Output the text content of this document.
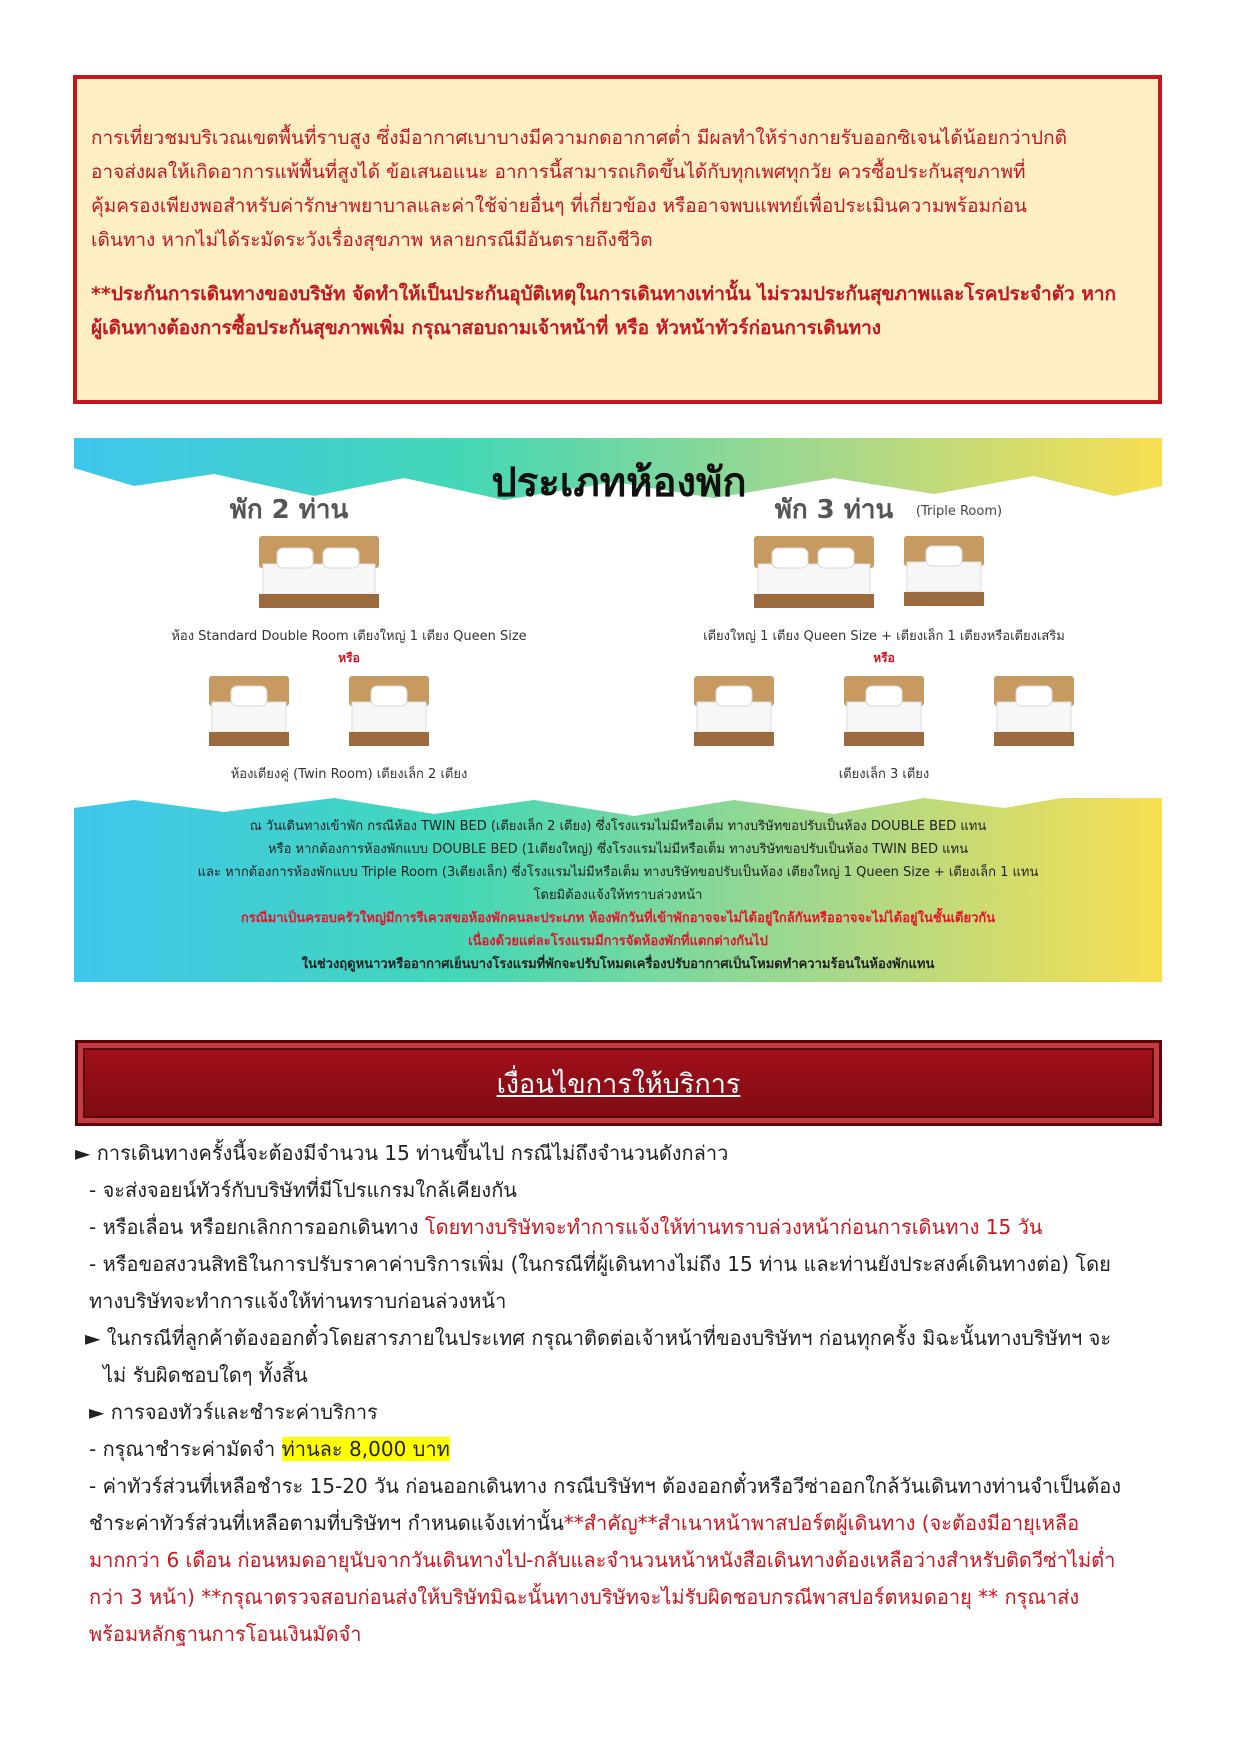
การเที่ยวชมบริเวณเขตพื้นที่ราบสูง ซึ่งมีอากาศเบาบางมีความกดอากาศต่ำ มีผลทำให้ร่างกายรับออกซิเจนได้น้อยกว่าปกติ

อาจส่งผลให้เกิดอาการแพ้พื้นที่สูงได้ ข้อเสนอแนะ อาการนี้สามารถเกิดขึ้นได้กับทุกเพศทุกวัย ควรซื้อประกันสุขภาพที่

คุ้มครองเพียงพอสำหรับค่ารักษาพยาบาลและค่าใช้จ่ายอื่นๆ ที่เกี่ยวข้อง หรืออาจพบแพทย์เพื่อประเมินความพร้อมก่อน

เดินทาง หากไม่ได้ระมัดระวังเรื่องสุขภาพ หลายกรณีมีอันตรายถึงชีวิต

**ประกันการเดินทางของบริษัท จัดทำให้เป็นประกันอุบัติเหตุในการเดินทางเท่านั้น ไม่รวมประกันสุขภาพและโรคประจำตัว หาก

ผู้เดินทางต้องการซื้อประกันสุขภาพเพิ่ม กรุณาสอบถามเจ้าหน้าที่ หรือ หัวหน้าทัวร์ก่อนการเดินทาง

ประเภทห้องพัก
พัก 2 ท่าน	พัก 3 ท่าน (Triple Room)
ห้อง Standard Double Room เตียงใหญ่ 1 เตียง Queen Size
หรือ
ห้องเตียงคู่ (Twin Room) เตียงเล็ก 2 เตียง
เตียงใหญ่ 1 เตียง Queen Size + เตียงเล็ก 1 เตียงหรือเตียงเสริม
หรือ
เตียงเล็ก 3 เตียง
ณ วันเดินทางเข้าพัก กรณีห้อง TWIN BED (เตียงเล็ก 2 เตียง) ซึ่งโรงแรมไม่มีหรือเต็ม ทางบริษัทขอปรับเป็นห้อง DOUBLE BED แทน
หรือ หากต้องการห้องพักแบบ DOUBLE BED (1เตียงใหญ่) ซึ่งโรงแรมไม่มีหรือเต็ม ทางบริษัทขอปรับเป็นห้อง TWIN BED แทน
และ หากต้องการห้องพักแบบ Triple Room (3เตียงเล็ก) ซึ่งโรงแรมไม่มีหรือเต็ม ทางบริษัทขอปรับเป็นห้อง เตียงใหญ่ 1 Queen Size + เตียงเล็ก 1 แทน
โดยมิต้องแจ้งให้ทราบล่วงหน้า
กรณีมาเป็นครอบครัวใหญ่มีการรีเควสขอห้องพักคนละประเภท ห้องพักวันที่เข้าพักอาจจะไม่ได้อยู่ใกล้กันหรืออาจจะไม่ได้อยู่ในชั้นเดียวกัน
เนื่องด้วยแต่ละโรงแรมมีการจัดห้องพักที่แตกต่างกันไป
ในช่วงฤดูหนาวหรืออากาศเย็นบางโรงแรมที่พักจะปรับโหมดเครื่องปรับอากาศเป็นโหมดทำความร้อนในห้องพักแทน
เงื่อนไขการให้บริการ
► การเดินทางครั้งนี้จะต้องมีจำนวน 15 ท่านขึ้นไป กรณีไม่ถึงจำนวนดังกล่าว
- จะส่งจอยน์ทัวร์กับบริษัทที่มีโปรแกรมใกล้เคียงกัน
- หรือเลื่อน หรือยกเลิกการออกเดินทาง โดยทางบริษัทจะทำการแจ้งให้ท่านทราบล่วงหน้าก่อนการเดินทาง 15 วัน
- หรือขอสงวนสิทธิในการปรับราคาค่าบริการเพิ่ม (ในกรณีที่ผู้เดินทางไม่ถึง 15 ท่าน และท่านยังประสงค์เดินทางต่อ) โดย
ทางบริษัทจะทำการแจ้งให้ท่านทราบก่อนล่วงหน้า
► ในกรณีที่ลูกค้าต้องออกตั๋วโดยสารภายในประเทศ กรุณาติดต่อเจ้าหน้าที่ของบริษัทฯ ก่อนทุกครั้ง มิฉะนั้นทางบริษัทฯ จะ
ไม่ รับผิดชอบใดๆ ทั้งสิ้น
► การจองทัวร์และชำระค่าบริการ
- กรุณาชำระค่ามัดจำ ท่านละ 8,000 บาท
- ค่าทัวร์ส่วนที่เหลือชำระ 15-20 วัน ก่อนออกเดินทาง กรณีบริษัทฯ ต้องออกตั๋วหรือวีซ่าออกใกล้วันเดินทางท่านจำเป็นต้อง
ชำระค่าทัวร์ส่วนที่เหลือตามที่บริษัทฯ กำหนดแจ้งเท่านั้น**สำคัญ**สำเนาหน้าพาสปอร์ตผู้เดินทาง (จะต้องมีอายุเหลือ
มากกว่า 6 เดือน ก่อนหมดอายุนับจากวันเดินทางไป-กลับและจำนวนหน้าหนังสือเดินทางต้องเหลือว่างสำหรับติดวีซ่าไม่ต่ำ
กว่า 3 หน้า) **กรุณาตรวจสอบก่อนส่งให้บริษัทมิฉะนั้นทางบริษัทจะไม่รับผิดชอบกรณีพาสปอร์ตหมดอายุ ** กรุณาส่ง
พร้อมหลักฐานการโอนเงินมัดจำ
